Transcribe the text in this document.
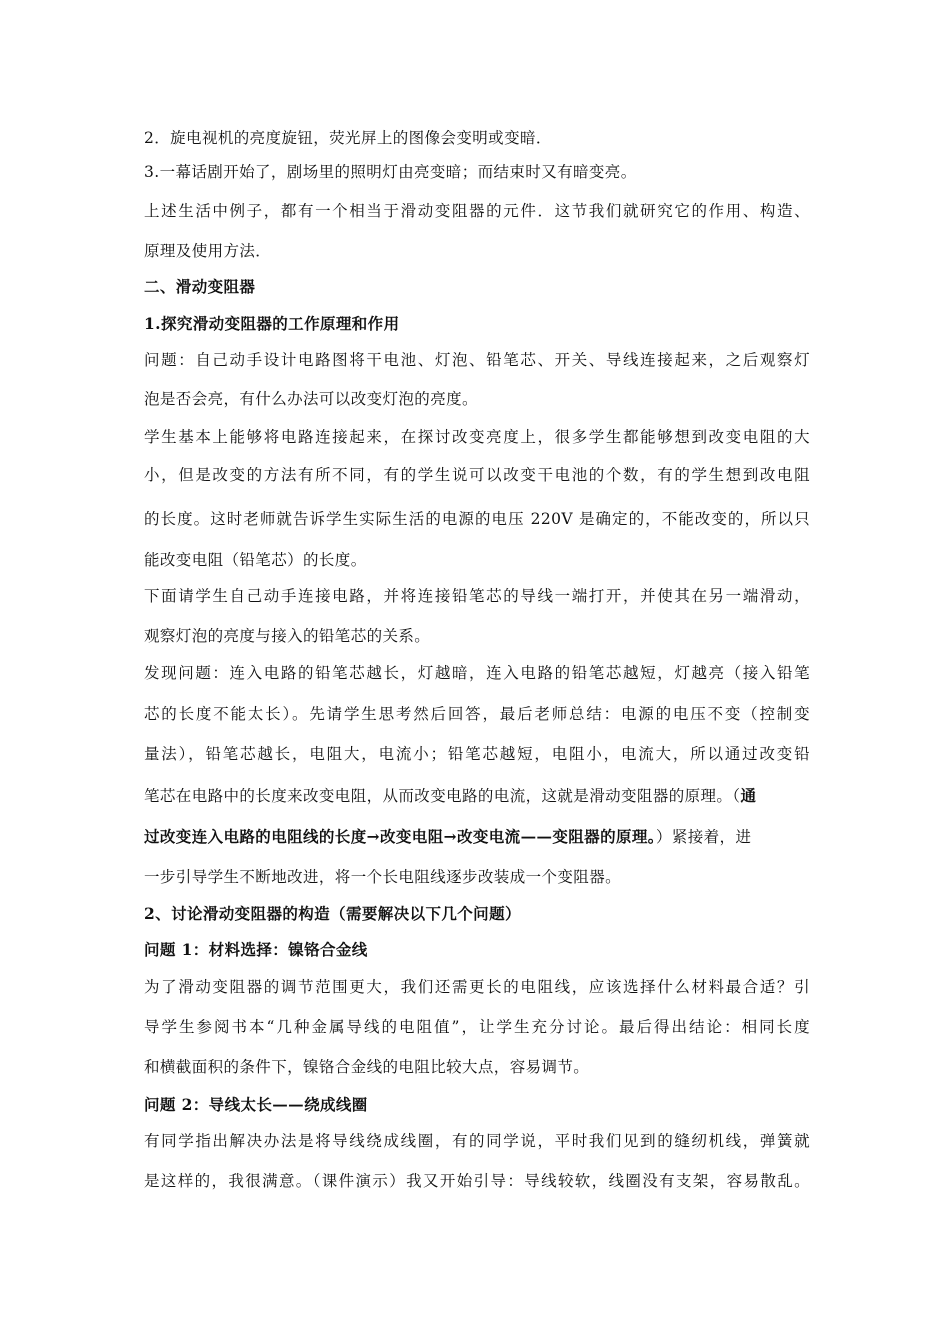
2．旋电视机的亮度旋钮，荧光屏上的图像会变明或变暗．
3.一幕话剧开始了，剧场里的照明灯由亮变暗；而结束时又有暗变亮。
上述生活中例子，都有一个相当于滑动变阻器的元件．这节我们就研究它的作用、构造、
原理及使用方法．
二、滑动变阻器
1.探究滑动变阻器的工作原理和作用
问题：自己动手设计电路图将干电池、灯泡、铅笔芯、开关、导线连接起来，之后观察灯
泡是否会亮，有什么办法可以改变灯泡的亮度。
学生基本上能够将电路连接起来，在探讨改变亮度上，很多学生都能够想到改变电阻的大
小，但是改变的方法有所不同，有的学生说可以改变干电池的个数，有的学生想到改电阻
的长度。这时老师就告诉学生实际生活的电源的电压 220V 是确定的，不能改变的，所以只
能改变电阻（铅笔芯）的长度。
下面请学生自己动手连接电路，并将连接铅笔芯的导线一端打开，并使其在另一端滑动，
观察灯泡的亮度与接入的铅笔芯的关系。
发现问题：连入电路的铅笔芯越长，灯越暗，连入电路的铅笔芯越短，灯越亮（接入铅笔
芯的长度不能太长）。先请学生思考然后回答，最后老师总结：电源的电压不变（控制变
量法），铅笔芯越长，电阻大，电流小；铅笔芯越短，电阻小，电流大，所以通过改变铅
笔芯在电路中的长度来改变电阻，从而改变电路的电流，这就是滑动变阻器的原理。（通
过改变连入电路的电阻线的长度→改变电阻→改变电流——变阻器的原理。）紧接着，进
一步引导学生不断地改进，将一个长电阻线逐步改装成一个变阻器。
2、讨论滑动变阻器的构造（需要解决以下几个问题）
问题 1：材料选择：镍铬合金线
为了滑动变阻器的调节范围更大，我们还需更长的电阻线，应该选择什么材料最合适？引
导学生参阅书本“几种金属导线的电阻值”，让学生充分讨论。最后得出结论：相同长度
和横截面积的条件下，镍铬合金线的电阻比较大点，容易调节。
问题 2：导线太长——绕成线圈
有同学指出解决办法是将导线绕成线圈，有的同学说，平时我们见到的缝纫机线，弹簧就
是这样的，我很满意。（课件演示）我又开始引导：导线较软，线圈没有支架，容易散乱。
